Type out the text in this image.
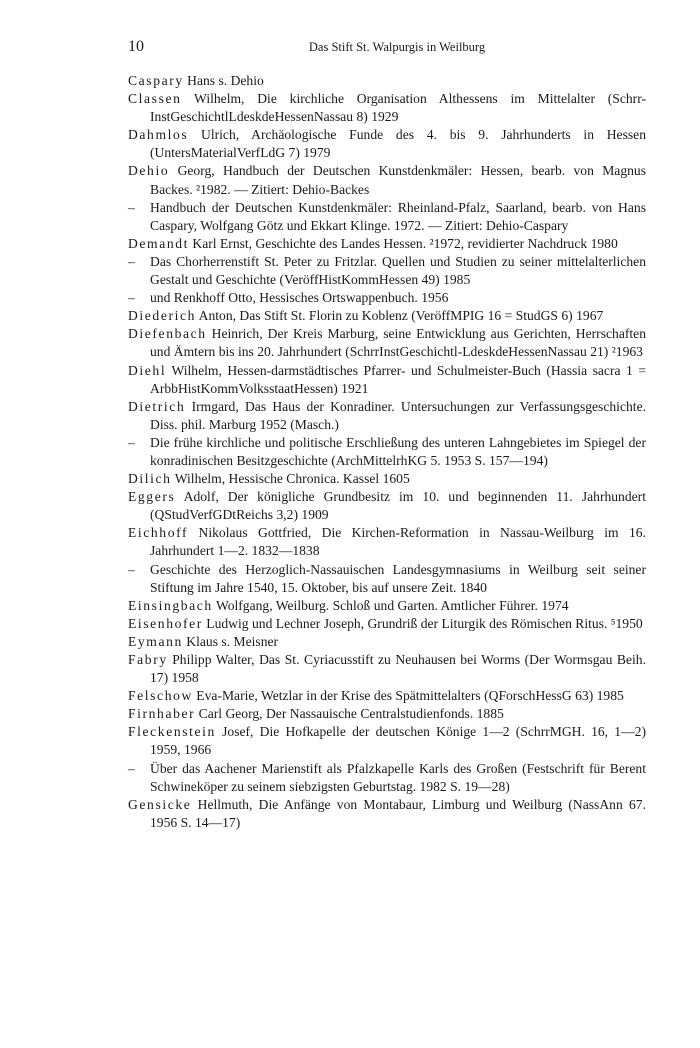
10	Das Stift St. Walpurgis in Weilburg

Caspary Hans s. Dehio

Classen Wilhelm, Die kirchliche Organisation Althessens im Mittelalter (Schrr-InstGeschichtlLdeskdeHessenNassau 8) 1929

Dahmlos Ulrich, Archäologische Funde des 4. bis 9. Jahrhunderts in Hessen (UntersMaterialVerfLdG 7) 1979

Dehio Georg, Handbuch der Deutschen Kunstdenkmäler: Hessen, bearb. von Magnus Backes. ²1982. — Zitiert: Dehio-Backes

– Handbuch der Deutschen Kunstdenkmäler: Rheinland-Pfalz, Saarland, bearb. von Hans Caspary, Wolfgang Götz und Ekkart Klinge. 1972. — Zitiert: Dehio-Caspary

Demandt Karl Ernst, Geschichte des Landes Hessen. ²1972, revidierter Nachdruck 1980

– Das Chorherrenstift St. Peter zu Fritzlar. Quellen und Studien zu seiner mittelalterlichen Gestalt und Geschichte (VeröffHistKommHessen 49) 1985

– und Renkhoff Otto, Hessisches Ortswappenbuch. 1956

Diederich Anton, Das Stift St. Florin zu Koblenz (VeröffMPIG 16 = StudGS 6) 1967

Diefenbach Heinrich, Der Kreis Marburg, seine Entwicklung aus Gerichten, Herrschaften und Ämtern bis ins 20. Jahrhundert (SchrrInstGeschichtl-LdeskdeHessenNassau 21) ²1963

Diehl Wilhelm, Hessen-darmstädtisches Pfarrer- und Schulmeister-Buch (Hassia sacra 1 = ArbbHistKommVolksstaatHessen) 1921

Dietrich Irmgard, Das Haus der Konradiner. Untersuchungen zur Verfassungsgeschichte. Diss. phil. Marburg 1952 (Masch.)

– Die frühe kirchliche und politische Erschließung des unteren Lahngebietes im Spiegel der konradinischen Besitzgeschichte (ArchMittelrhKG 5. 1953 S. 157—194)

Dilich Wilhelm, Hessische Chronica. Kassel 1605

Eggers Adolf, Der königliche Grundbesitz im 10. und beginnenden 11. Jahrhundert (QStudVerfGDtReichs 3,2) 1909

Eichhoff Nikolaus Gottfried, Die Kirchen-Reformation in Nassau-Weilburg im 16. Jahrhundert 1—2. 1832—1838

– Geschichte des Herzoglich-Nassauischen Landesgymnasiums in Weilburg seit seiner Stiftung im Jahre 1540, 15. Oktober, bis auf unsere Zeit. 1840

Einsingbach Wolfgang, Weilburg. Schloß und Garten. Amtlicher Führer. 1974

Eisenhofer Ludwig und Lechner Joseph, Grundriß der Liturgik des Römischen Ritus. ⁵1950

Eymann Klaus s. Meisner

Fabry Philipp Walter, Das St. Cyriacusstift zu Neuhausen bei Worms (Der Wormsgau Beih. 17) 1958

Felschow Eva-Marie, Wetzlar in der Krise des Spätmittelalters (QForschHessG 63) 1985

Firnhaber Carl Georg, Der Nassauische Centralstudienfonds. 1885

Fleckenstein Josef, Die Hofkapelle der deutschen Könige 1—2 (SchrrMGH. 16, 1—2) 1959, 1966

– Über das Aachener Marienstift als Pfalzkapelle Karls des Großen (Festschrift für Berent Schwineköper zu seinem siebzigsten Geburtstag. 1982 S. 19—28)

Gensicke Hellmuth, Die Anfänge von Montabaur, Limburg und Weilburg (NassAnn 67. 1956 S. 14—17)
